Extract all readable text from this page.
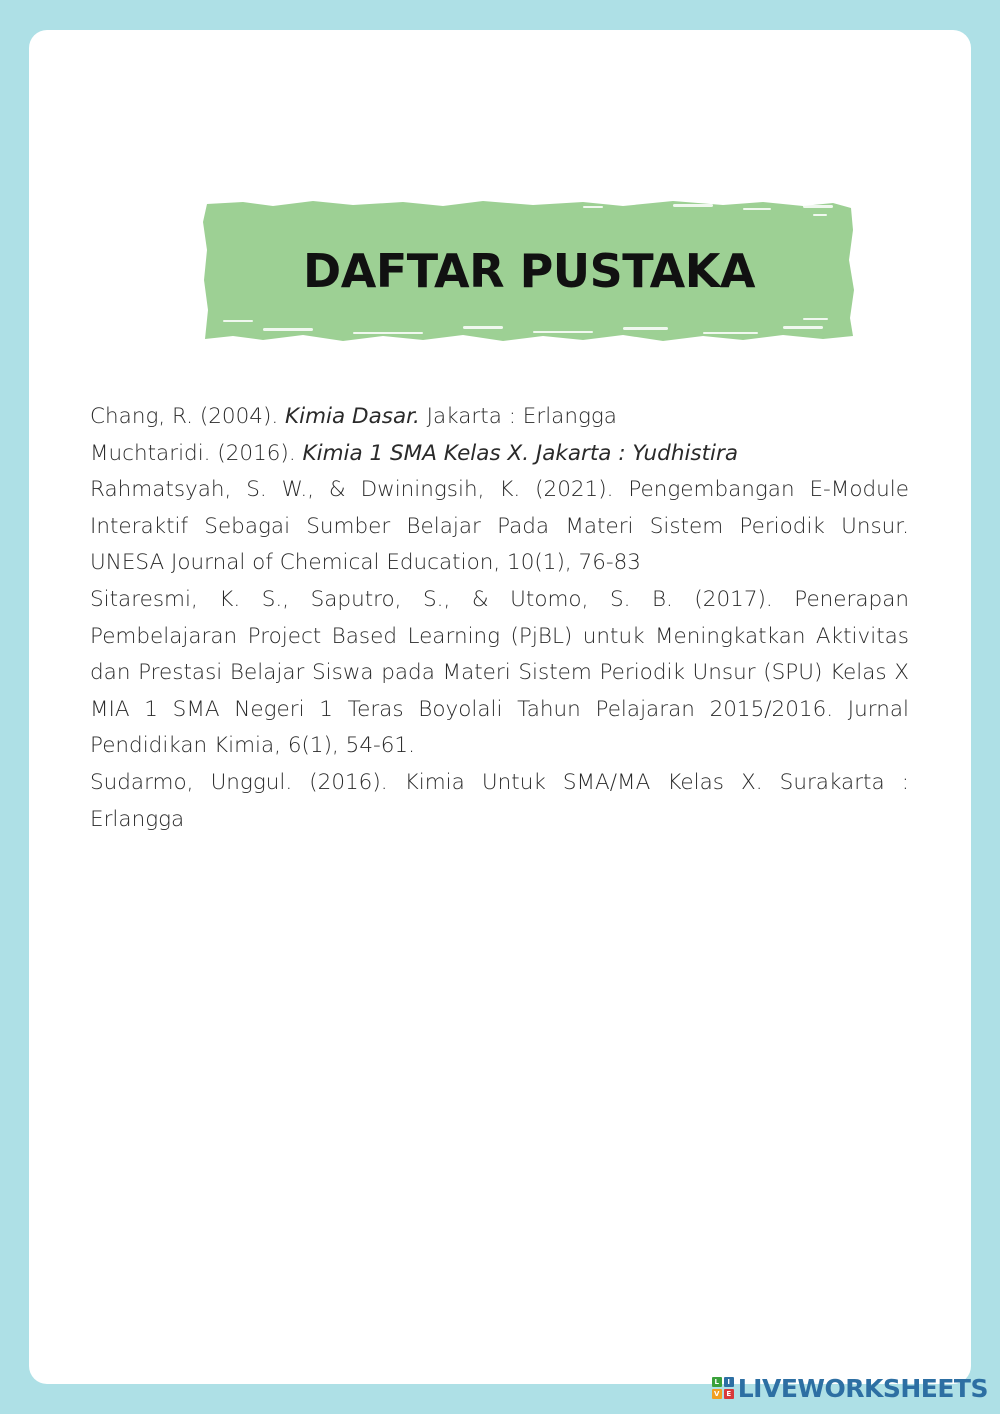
DAFTAR PUSTAKA

Chang, R. (2004). Kimia Dasar. Jakarta : Erlangga

Muchtaridi. (2016). Kimia 1 SMA Kelas X. Jakarta : Yudhistira

Rahmatsyah, S. W., & Dwiningsih, K. (2021). Pengembangan E-Module Interaktif Sebagai Sumber Belajar Pada Materi Sistem Periodik Unsur. UNESA Journal of Chemical Education, 10(1), 76-83

Sitaresmi, K. S., Saputro, S., & Utomo, S. B. (2017). Penerapan Pembelajaran Project Based Learning (PjBL) untuk Meningkatkan Aktivitas dan Prestasi Belajar Siswa pada Materi Sistem Periodik Unsur (SPU) Kelas X MIA 1 SMA Negeri 1 Teras Boyolali Tahun Pelajaran 2015/2016. Jurnal Pendidikan Kimia, 6(1), 54-61.

Sudarmo, Unggul. (2016). Kimia Untuk SMA/MA Kelas X. Surakarta : Erlangga

L	I
V E LIVEWORKSHEETS
